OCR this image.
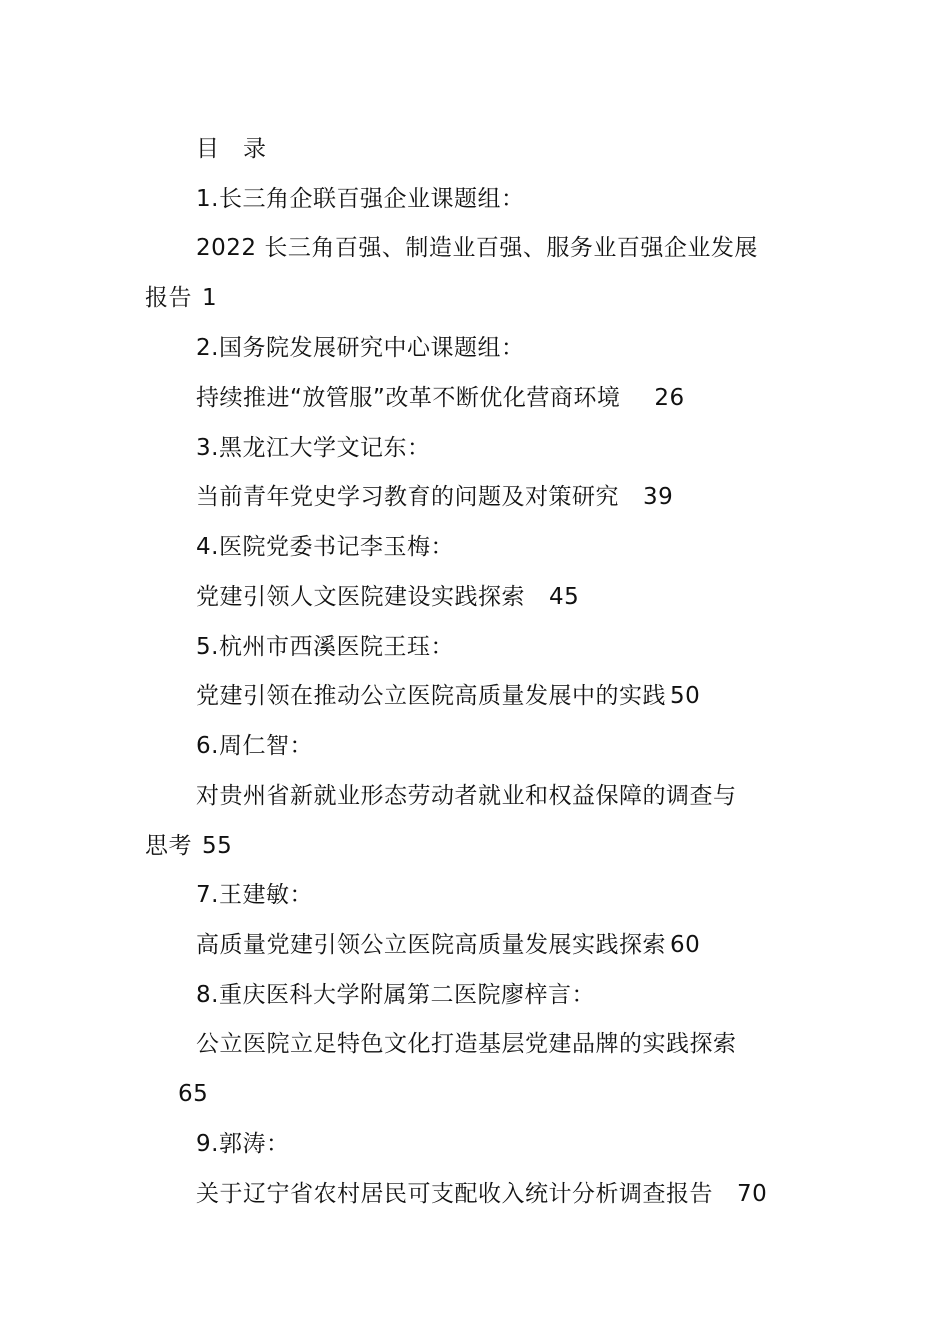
目 录
1.长三角企联百强企业课题组：
2022 长三角百强、制造业百强、服务业百强企业发展
报告 1
2.国务院发展研究中心课题组：
持续推进“放管服”改革不断优化营商环境 26
3.黑龙江大学文记东：
当前青年党史学习教育的问题及对策研究 39
4.医院党委书记李玉梅：
党建引领人文医院建设实践探索 45
5.杭州市西溪医院王珏：
党建引领在推动公立医院高质量发展中的实践 50
6.周仁智：
对贵州省新就业形态劳动者就业和权益保障的调查与
思考 55
7.王建敏：
高质量党建引领公立医院高质量发展实践探索 60
8.重庆医科大学附属第二医院廖梓言：
公立医院立足特色文化打造基层党建品牌的实践探索
65
9.郭涛：
关于辽宁省农村居民可支配收入统计分析调查报告 70
